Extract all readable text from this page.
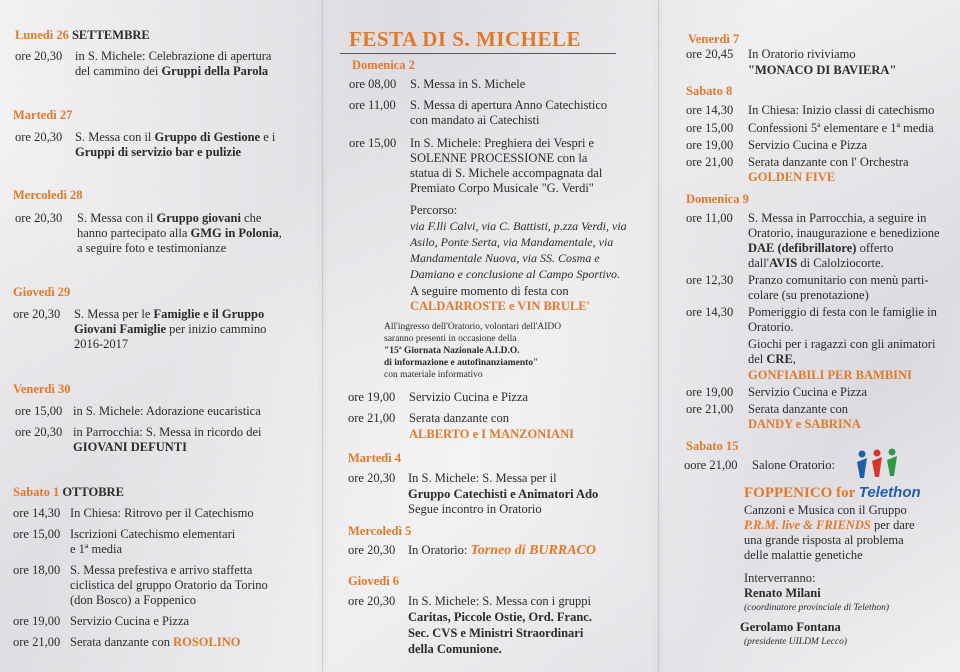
Lunedì 26 SETTEMBRE
ore 20,30 in S. Michele: Celebrazione di apertura
del cammino dei Gruppi della Parola
Martedì 27
ore 20,30 S. Messa con il Gruppo di Gestione e i
Gruppi di servizio bar e pulizie
Mercoledì 28
ore 20,30 S. Messa con il Gruppo giovani che
hanno partecipato alla GMG in Polonia,
a seguire foto e testimonianze
Giovedì 29
ore 20,30 S. Messa per le Famiglie e il Gruppo
Giovani Famiglie per inizio cammino
2016-2017
Venerdì 30
ore 15,00 in S. Michele: Adorazione eucaristica
ore 20,30 in Parrocchia: S. Messa in ricordo dei
GIOVANI DEFUNTI
Sabato 1 OTTOBRE
ore 14,30 In Chiesa: Ritrovo per il Catechismo
ore 15,00 Iscrizioni Catechismo elementari
e 1ª media
ore 18,00 S. Messa prefestiva e arrivo staffetta
ciclistica del gruppo Oratorio da Torino
(don Bosco) a Foppenico
ore 19,00 Servizio Cucina e Pizza
ore 21,00 Serata danzante con ROSOLINO
FESTA DI S. MICHELE
Domenica 2
ore 08,00 S. Messa in S. Michele
ore 11,00 S. Messa di apertura Anno Catechistico
con mandato ai Catechisti
ore 15,00 In S. Michele: Preghiera dei Vespri e
SOLENNE PROCESSIONE con la
statua di S. Michele accompagnata dal
Premiato Corpo Musicale "G. Verdi"
Percorso:
via F.lli Calvi, via C. Battisti, p.zza Verdi, via
Asilo, Ponte Serta, via Mandamentale, via
Mandamentale Nuova, via SS. Cosma e
Damiano e conclusione al Campo Sportivo.
A seguire momento di festa con
CALDARROSTE e VIN BRULE'
All'ingresso dell'Oratorio, volontari dell'AIDO
saranno presenti in occasione della
"15ª Giornata Nazionale A.I.D.O.
di informazione e autofinanziamento"
con materiale informativo
ore 19,00 Servizio Cucina e Pizza
ore 21,00 Serata danzante con
ALBERTO e I MANZONIANI
Martedì 4
ore 20,30 In S. Michele: S. Messa per il
Gruppo Catechisti e Animatori Ado
Segue incontro in Oratorio
Mercoledì 5
ore 20,30 In Oratorio: Torneo di BURRACO
Giovedì 6
ore 20,30 In S. Michele: S. Messa con i gruppi
Caritas, Piccole Ostie, Ord. Franc.
Sec. CVS e Ministri Straordinari
della Comunione.
Venerdì 7
ore 20,45 In Oratorio riviviamo
"MONACO DI BAVIERA"
Sabato 8
ore 14,30 In Chiesa: Inizio classi di catechismo
ore 15,00 Confessioni 5ª elementare e 1ª media
ore 19,00 Servizio Cucina e Pizza
ore 21,00 Serata danzante con l' Orchestra
GOLDEN FIVE
Domenica 9
ore 11,00 S. Messa in Parrocchia, a seguire in
Oratorio, inaugurazione e benedizione
DAE (defibrillatore) offerto
dall'AVIS di Calolziocorte.
ore 12,30 Pranzo comunitario con menù parti-
colare (su prenotazione)
ore 14,30 Pomeriggio di festa con le famiglie in
Oratorio.
Giochi per i ragazzi con gli animatori
del CRE,
GONFIABILI PER BAMBINI
ore 19,00 Servizio Cucina e Pizza
ore 21,00 Serata danzante con
DANDY e SABRINA
Sabato 15
oore 21,00 Salone Oratorio:
FOPPENICO for Telethon
Canzoni e Musica con il Gruppo
P.R.M. live & FRIENDS per dare
una grande risposta al problema
delle malattie genetiche
Interverranno:
Renato Milani
(coordinatore provinciale di Telethon)
Gerolamo Fontana
(presidente UILDM Lecco)
